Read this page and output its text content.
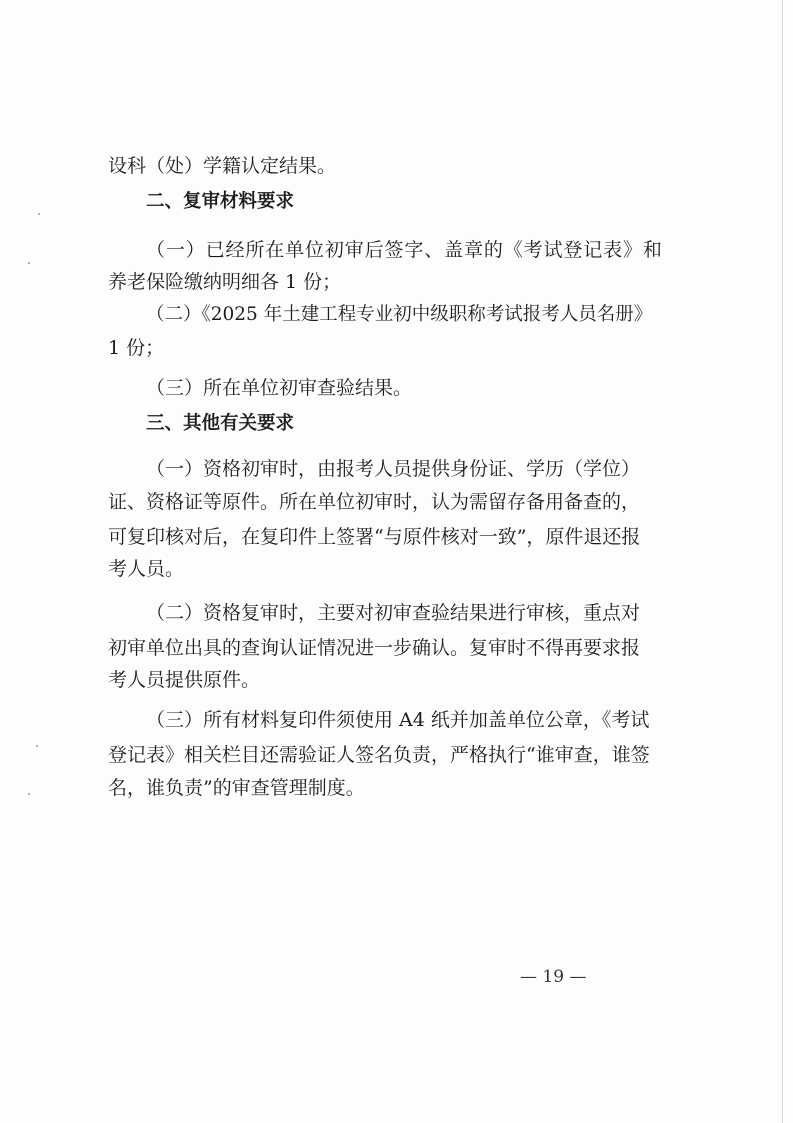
设科（处）学籍认定结果。
二、复审材料要求
（ 一 ） 已 经 所 在 单 位 初 审 后 签 字 、 盖 章 的 《 考 试 登 记 表 》 和
养老保险缴纳明细各 1 份；
（二）《2025 年土建工程专业初中级职称考试报考人员名册》
1 份；
（三）所在单位初审查验结果。
三、其他有关要求
（一）资格初审时，由报考人员提供身份证、学历（学位）
证、资格证等原件。所在单位初审时，认为需留存备用备查的，
可复印核对后，在复印件上签署“与原件核对一致”，原件退还报
考人员。
（二）资格复审时，主要对初审查验结果进行审核，重点对
初审单位出具的查询认证情况进一步确认。复审时不得再要求报
考人员提供原件。
（三）所有材料复印件须使用 A4 纸并加盖单位公章，《考试
登记表》相关栏目还需验证人签名负责，严格执行“谁审查，谁签
名，谁负责”的审查管理制度。
— 19 —
